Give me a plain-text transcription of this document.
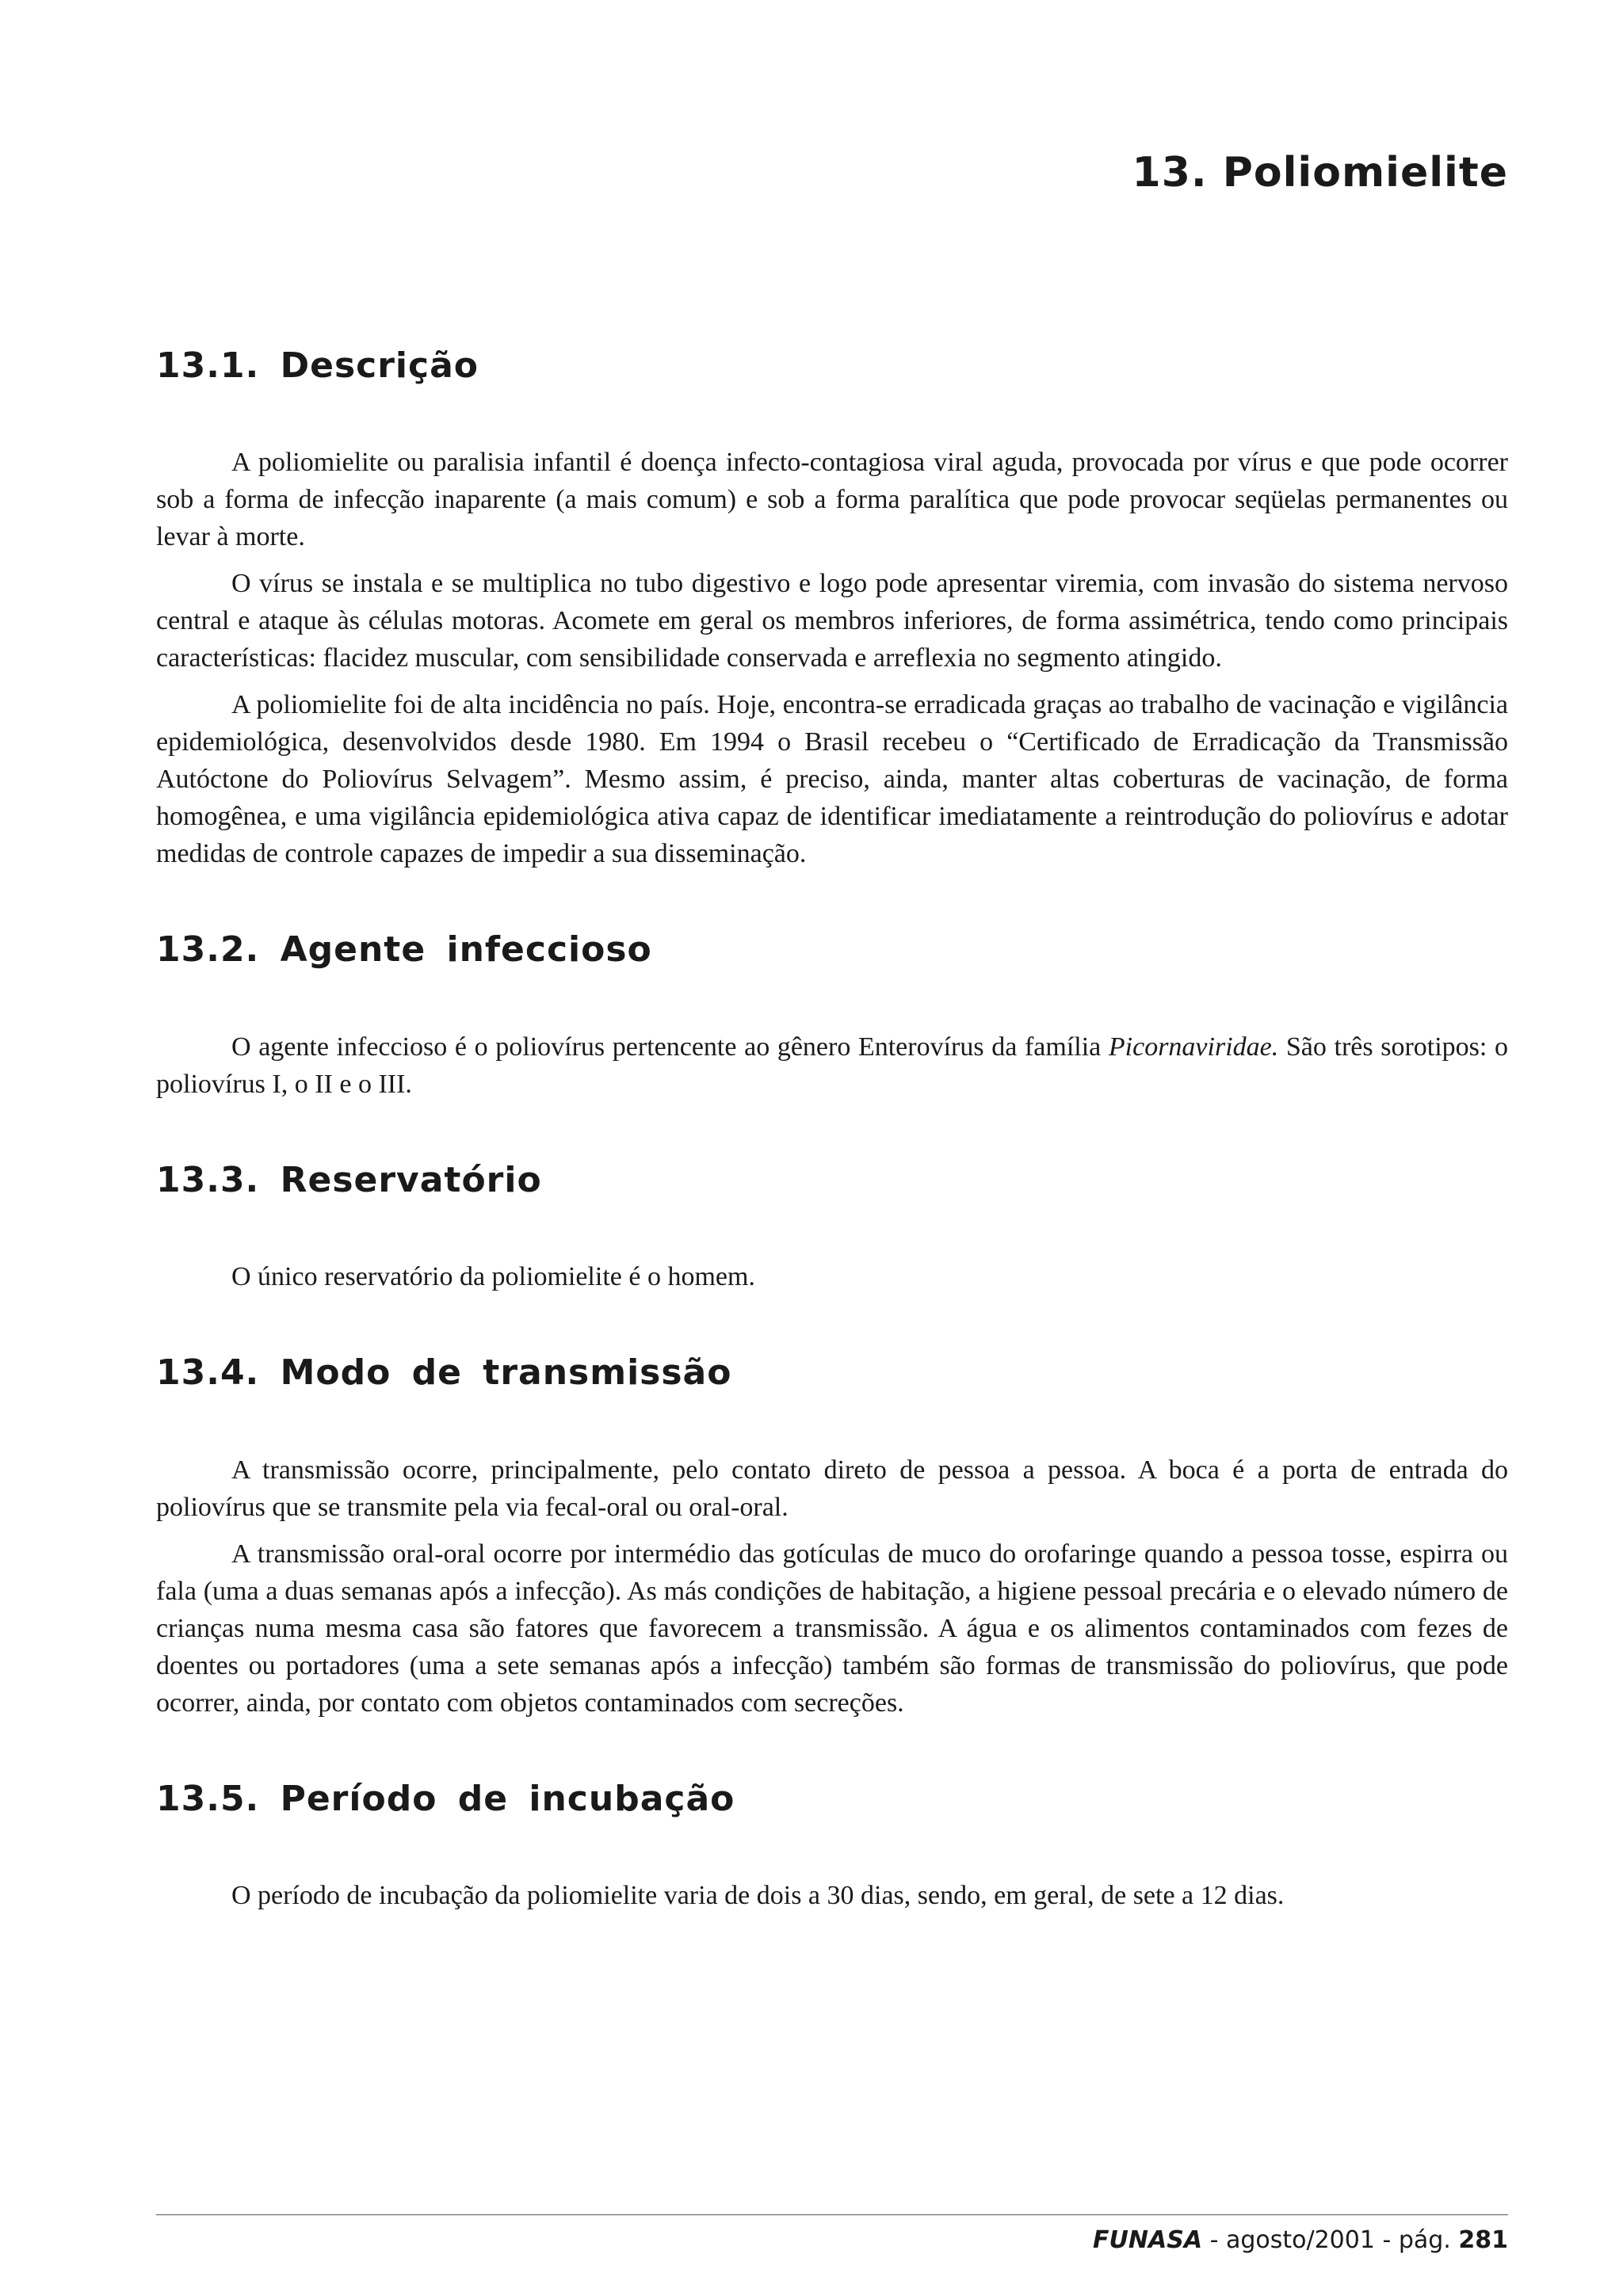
13. Poliomielite
13.1. Descrição

A poliomielite ou paralisia infantil é doença infecto-contagiosa viral aguda, provocada por vírus e que pode ocorrer sob a forma de infecção inaparente (a mais comum) e sob a forma paralítica que pode provocar seqüelas permanentes ou levar à morte.

O vírus se instala e se multiplica no tubo digestivo e logo pode apresentar viremia, com invasão do sistema nervoso central e ataque às células motoras. Acomete em geral os membros inferiores, de forma assimétrica, tendo como principais características: flacidez muscular, com sensibilidade conservada e arreflexia no segmento atingido.

A poliomielite foi de alta incidência no país. Hoje, encontra-se erradicada graças ao trabalho de vacinação e vigilância epidemiológica, desenvolvidos desde 1980. Em 1994 o Brasil recebeu o “Certificado de Erradicação da Transmissão Autóctone do Poliovírus Selvagem”. Mesmo assim, é preciso, ainda, manter altas coberturas de vacinação, de forma homogênea, e uma vigilância epidemiológica ativa capaz de identificar imediatamente a reintrodução do poliovírus e adotar medidas de controle capazes de impedir a sua disseminação.

13.2. Agente infeccioso

O agente infeccioso é o poliovírus pertencente ao gênero Enterovírus da família Picornaviridae. São três sorotipos: o poliovírus I, o II e o III.

13.3. Reservatório

O único reservatório da poliomielite é o homem.

13.4. Modo de transmissão

A transmissão ocorre, principalmente, pelo contato direto de pessoa a pessoa. A boca é a porta de entrada do poliovírus que se transmite pela via fecal-oral ou oral-oral.

A transmissão oral-oral ocorre por intermédio das gotículas de muco do orofaringe quando a pessoa tosse, espirra ou fala (uma a duas semanas após a infecção). As más condições de habitação, a higiene pessoal precária e o elevado número de crianças numa mesma casa são fatores que favorecem a transmissão. A água e os alimentos contaminados com fezes de doentes ou portadores (uma a sete semanas após a infecção) também são formas de transmissão do poliovírus, que pode ocorrer, ainda, por contato com objetos contaminados com secreções.

13.5. Período de incubação

O período de incubação da poliomielite varia de dois a 30 dias, sendo, em geral, de sete a 12 dias.

FUNASA - agosto/2001 - pág. 281
